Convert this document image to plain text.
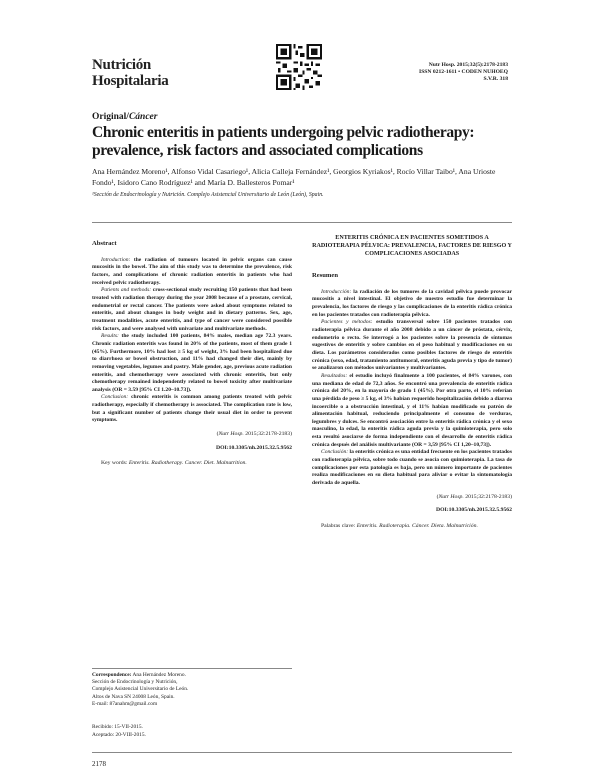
Nutrición
Hospitalaria
Nutr Hosp. 2015;32(5):2178-2183
ISSN 0212-1611 • CODEN NUHOEQ
S.V.R. 318
Original/Cáncer
Chronic enteritis in patients undergoing pelvic radiotherapy: prevalence, risk factors and associated complications
Ana Hernández Moreno¹, Alfonso Vidal Casariego¹, Alicia Calleja Fernández¹, Georgios Kyriakos¹, Rocío Villar Taibo¹, Ana Urioste Fondo¹, Isidoro Cano Rodríguez¹ and María D. Ballesteros Pomar¹
¹Sección de Endocrinología y Nutrición. Complejo Asistencial Universitario de León (León), Spain.
Abstract

Introduction: the radiation of tumours located in pelvic organs can cause mucositis in the bowel. The aim of this study was to determine the prevalence, risk factors, and complications of chronic radiation enteritis in patients who had received pelvic radiotherapy.

Patients and methods: cross-sectional study recruiting 150 patients that had been treated with radiation therapy during the year 2008 because of a prostate, cervical, endometrial or rectal cancer. The patients were asked about symptoms related to enteritis, and about changes in body weight and in dietary patterns. Sex, age, treatment modalities, acute enteritis, and type of cancer were considered possible risk factors, and were analysed with univariate and multivariate methods.

Results: the study included 100 patients, 84% males, median age 72.3 years. Chronic radiation enteritis was found in 20% of the patients, most of them grade 1 (45%). Furthermore, 10% had lost ≥ 5 kg of weight, 3% had been hospitalized due to diarrhoea or bowel obstruction, and 11% had changed their diet, mainly by removing vegetables, legumes and pastry. Male gender, age, previous acute radiation enteritis, and chemotherapy were associated with chronic enteritis, but only chemotherapy remained independently related to bowel toxicity after multivariate analysis (OR = 3.59 [95% CI 1.20–10.73]).

Conclusion: chronic enteritis is common among patients treated with pelvic radiotherapy, especially if chemotherapy is associated. The complication rate is low, but a significant number of patients change their usual diet in order to prevent symptoms.

(Nutr Hosp. 2015;32:2178-2183)
DOI:10.3305/nh.2015.32.5.9562
Key words: Enteritis. Radiotherapy. Cancer. Diet. Malnutrition.
ENTERITIS CRÓNICA EN PACIENTES SOMETIDOS A RADIOTERAPIA PÉLVICA: PREVALENCIA, FACTORES DE RIESGO Y COMPLICACIONES ASOCIADAS
Resumen

Introducción: la radiación de los tumores de la cavidad pélvica puede provocar mucositis a nivel intestinal. El objetivo de nuestro estudio fue determinar la prevalencia, los factores de riesgo y las complicaciones de la enteritis rádica crónica en los pacientes tratados con radioterapia pélvica.

Pacientes y métodos: estudio transversal sobre 150 pacientes tratados con radioterapia pélvica durante el año 2008 debido a un cáncer de próstata, cérvix, endometrio o recto. Se interrogó a los pacientes sobre la presencia de síntomas sugestivos de enteritis y sobre cambios en el peso habitual y modificaciones en su dieta. Los parámetros considerados como posibles factores de riesgo de enteritis crónica (sexo, edad, tratamiento antitumoral, enteritis aguda previa y tipo de tumor) se analizaron con métodos univariantes y multivariantes.

Resultados: el estudio incluyó finalmente a 100 pacientes, el 84% varones, con una mediana de edad de 72,3 años. Se encontró una prevalencia de enteritis rádica crónica del 20%, en la mayoría de grado 1 (45%). Por otra parte, el 10% referían una pérdida de peso ≥ 5 kg, el 3% habían requerido hospitalización debido a diarrea incoercible o a obstrucción intestinal, y el 11% habían modificado su patrón de alimentación habitual, reduciendo principalmente el consumo de verduras, legumbres y dulces. Se encontró asociación entre la enteritis rádica crónica y el sexo masculino, la edad, la enteritis rádica aguda previa y la quimioterapia, pero solo esta resultó asociarse de forma independiente con el desarrollo de enteritis rádica crónica después del análisis multivariante (OR = 3,59 [95% CI 1,20–10,73]).

Conclusión: la enteritis crónica es una entidad frecuente en los pacientes tratados con radioterapia pélvica, sobre todo cuando se asocia con quimioterapia. La tasa de complicaciones por esta patología es baja, pero un número importante de pacientes realiza modificaciones en su dieta habitual para aliviar o evitar la sintomatología derivada de aquella.

(Nutr Hosp. 2015;32:2178-2183)
DOI:10.3305/nh.2015.32.5.9562
Palabras clave: Enteritis. Radioterapia. Cáncer. Dieta. Malnutrición.
Correspondence: Ana Hernández Moreno.
Sección de Endocrinología y Nutrición,
Complejo Asistencial Universitario de León.
Altos de Nava SN 24008 León, Spain.
E-mail: 87anahm@gmail.com
Recibido: 15-VII-2015.
Aceptado: 20-VIII-2015.
2178
